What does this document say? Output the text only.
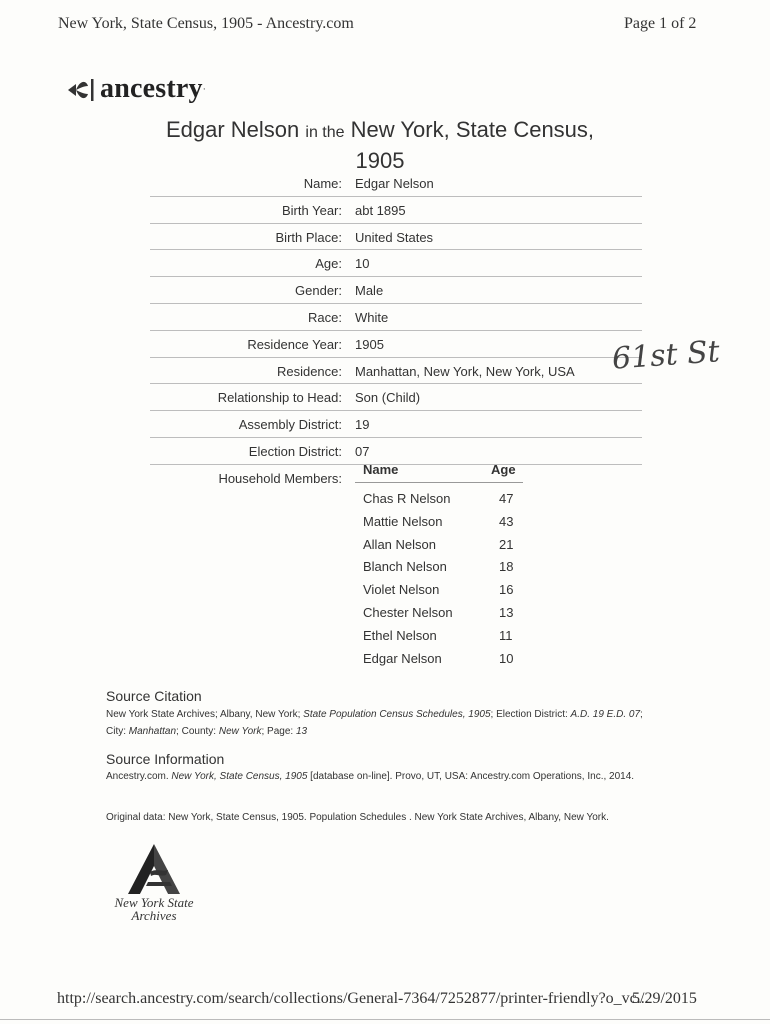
New York, State Census, 1905 - Ancestry.com	Page 1 of 2
ancestry ·
Edgar Nelson in the New York, State Census,
1905
Name: Edgar Nelson
Birth Year: abt 1895
Birth Place: United States
Age: 10
Gender: Male
Race: White
Residence Year: 1905
Residence: Manhattan, New York, New York, USA
Relationship to Head: Son (Child)
Assembly District: 19
Election District: 07
Household Members:
Name	Age
Chas R Nelson	47
Mattie Nelson	43
Allan Nelson	21
Blanch Nelson	18
Violet Nelson	16
Chester Nelson	13
Ethel Nelson	11
Edgar Nelson	10
61st St
Source Citation
New York State Archives; Albany, New York; State Population Census Schedules, 1905; Election District: A.D. 19 E.D. 07; City: Manhattan; County: New York; Page: 13
Source Information
Ancestry.com. New York, State Census, 1905 [database on-line]. Provo, UT, USA: Ancestry.com Operations, Inc., 2014.
Original data: New York, State Census, 1905. Population Schedules . New York State Archives, Albany, New York.
New York State
Archives
http://search.ancestry.com/search/collections/General-7364/7252877/printer-friendly?o_vc...
5/29/2015
